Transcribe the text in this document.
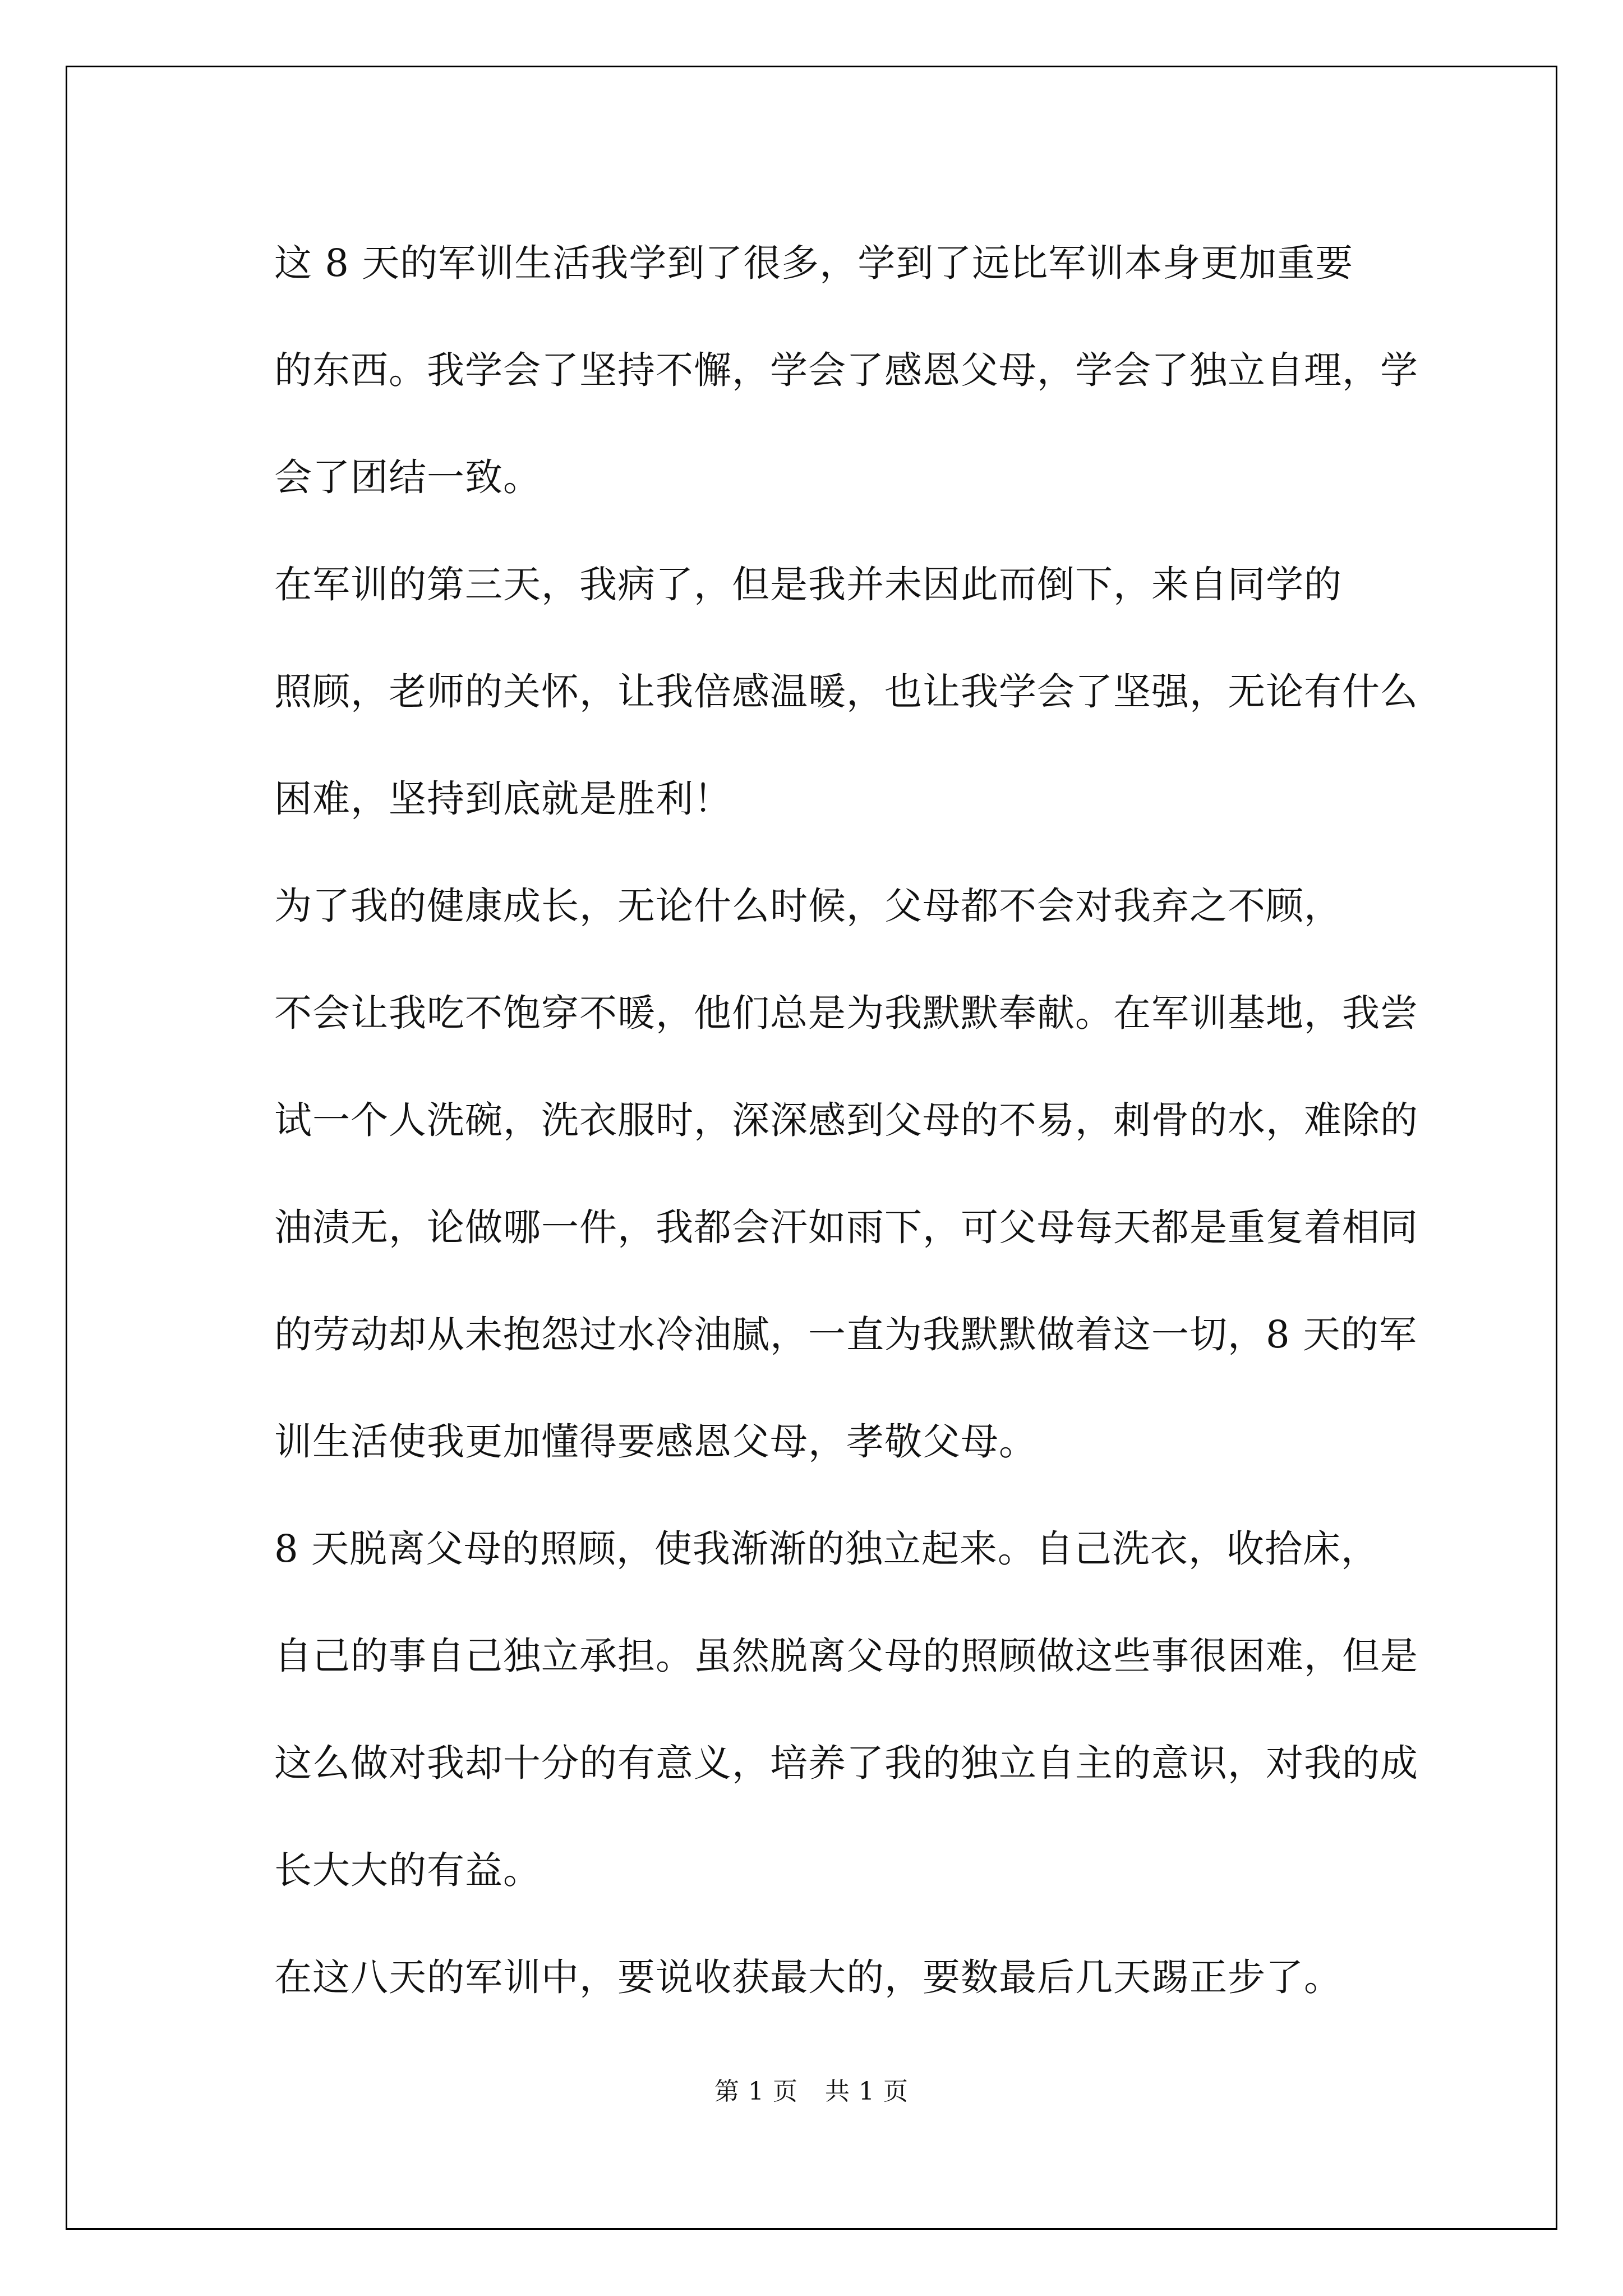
这 8 天的军训生活我学到了很多，学到了远比军训本身更加重要
的东西。我学会了坚持不懈，学会了感恩父母，学会了独立自理，学
会了团结一致。

在军训的第三天，我病了，但是我并未因此而倒下，来自同学的
照顾，老师的关怀，让我倍感温暖，也让我学会了坚强，无论有什么
困难，坚持到底就是胜利！

为了我的健康成长，无论什么时候，父母都不会对我弃之不顾，
不会让我吃不饱穿不暖，他们总是为我默默奉献。在军训基地，我尝
试一个人洗碗，洗衣服时，深深感到父母的不易，刺骨的水，难除的
油渍无，论做哪一件，我都会汗如雨下，可父母每天都是重复着相同
的劳动却从未抱怨过水冷油腻，一直为我默默做着这一切，8 天的军
训生活使我更加懂得要感恩父母，孝敬父母。

8 天脱离父母的照顾，使我渐渐的独立起来。自己洗衣，收拾床，
自己的事自己独立承担。虽然脱离父母的照顾做这些事很困难，但是
这么做对我却十分的有意义，培养了我的独立自主的意识，对我的成
长大大的有益。

在这八天的军训中，要说收获最大的，要数最后几天踢正步了。

第 1 页 共 1 页
